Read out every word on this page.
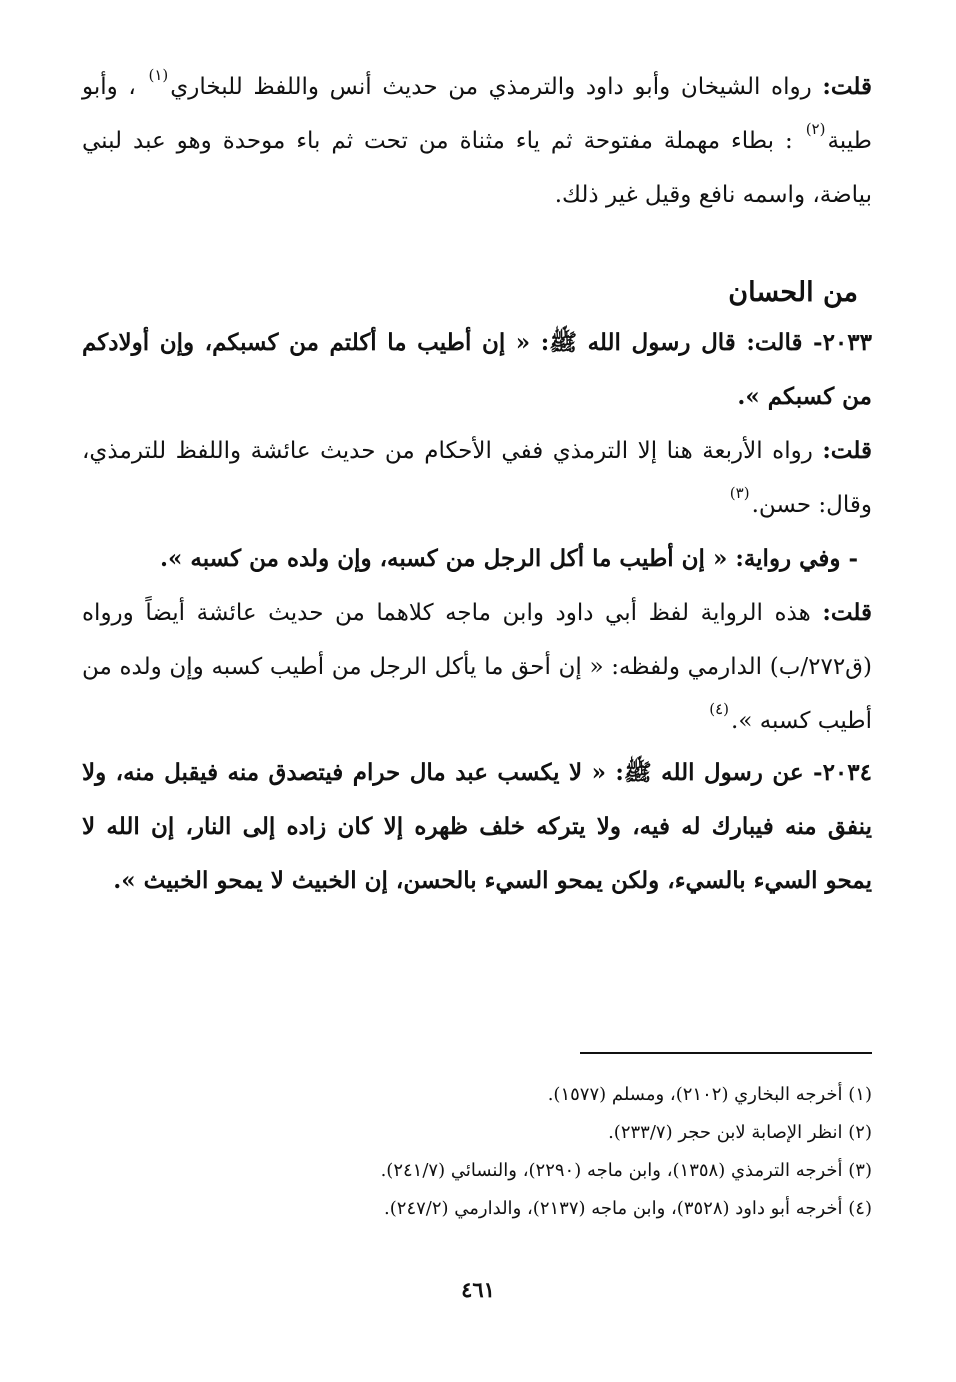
قلت: رواه الشيخان وأبو داود والترمذي من حديث أنس واللفظ للبخاري$^{(١)}$ ، وأبو طيبة$^{(٢)}$ : بطاء مهملة مفتوحة ثم ياء مثناة من تحت ثم باء موحدة وهو عبد لبني بياضة، واسمه نافع وقيل غير ذلك.

من الحسان

٢٠٣٣- قالت: قال رسول الله ﷺ: « إن أطيب ما أكلتم من كسبكم، وإن أولادكم من كسبكم ».

قلت: رواه الأربعة هنا إلا الترمذي ففي الأحكام من حديث عائشة واللفظ للترمذي، وقال: حسن.$^{(٣)}$

- وفي رواية: « إن أطيب ما أكل الرجل من كسبه، وإن ولده من كسبه ».

قلت: هذه الرواية لفظ أبي داود وابن ماجه كلاهما من حديث عائشة أيضاً ورواه (ق٢٧٢/ب) الدارمي ولفظه: « إن أحق ما يأكل الرجل من أطيب كسبه وإن ولده من أطيب كسبه ».$^{(٤)}$

٢٠٣٤- عن رسول الله ﷺ: « لا يكسب عبد مال حرام فيتصدق منه فيقبل منه، ولا ينفق منه فيبارك له فيه، ولا يتركه خلف ظهره إلا كان زاده إلى النار، إن الله لا يمحو السيء بالسيء، ولكن يمحو السيء بالحسن، إن الخبيث لا يمحو الخبيث ».

(١) أخرجه البخاري (٢١٠٢)، ومسلم (١٥٧٧).
(٢) انظر الإصابة لابن حجر (٢٣٣/٧).
(٣) أخرجه الترمذي (١٣٥٨)، وابن ماجه (٢٢٩٠)، والنسائي (٢٤١/٧).
(٤) أخرجه أبو داود (٣٥٢٨)، وابن ماجه (٢١٣٧)، والدارمي (٢٤٧/٢).
٤٦١
